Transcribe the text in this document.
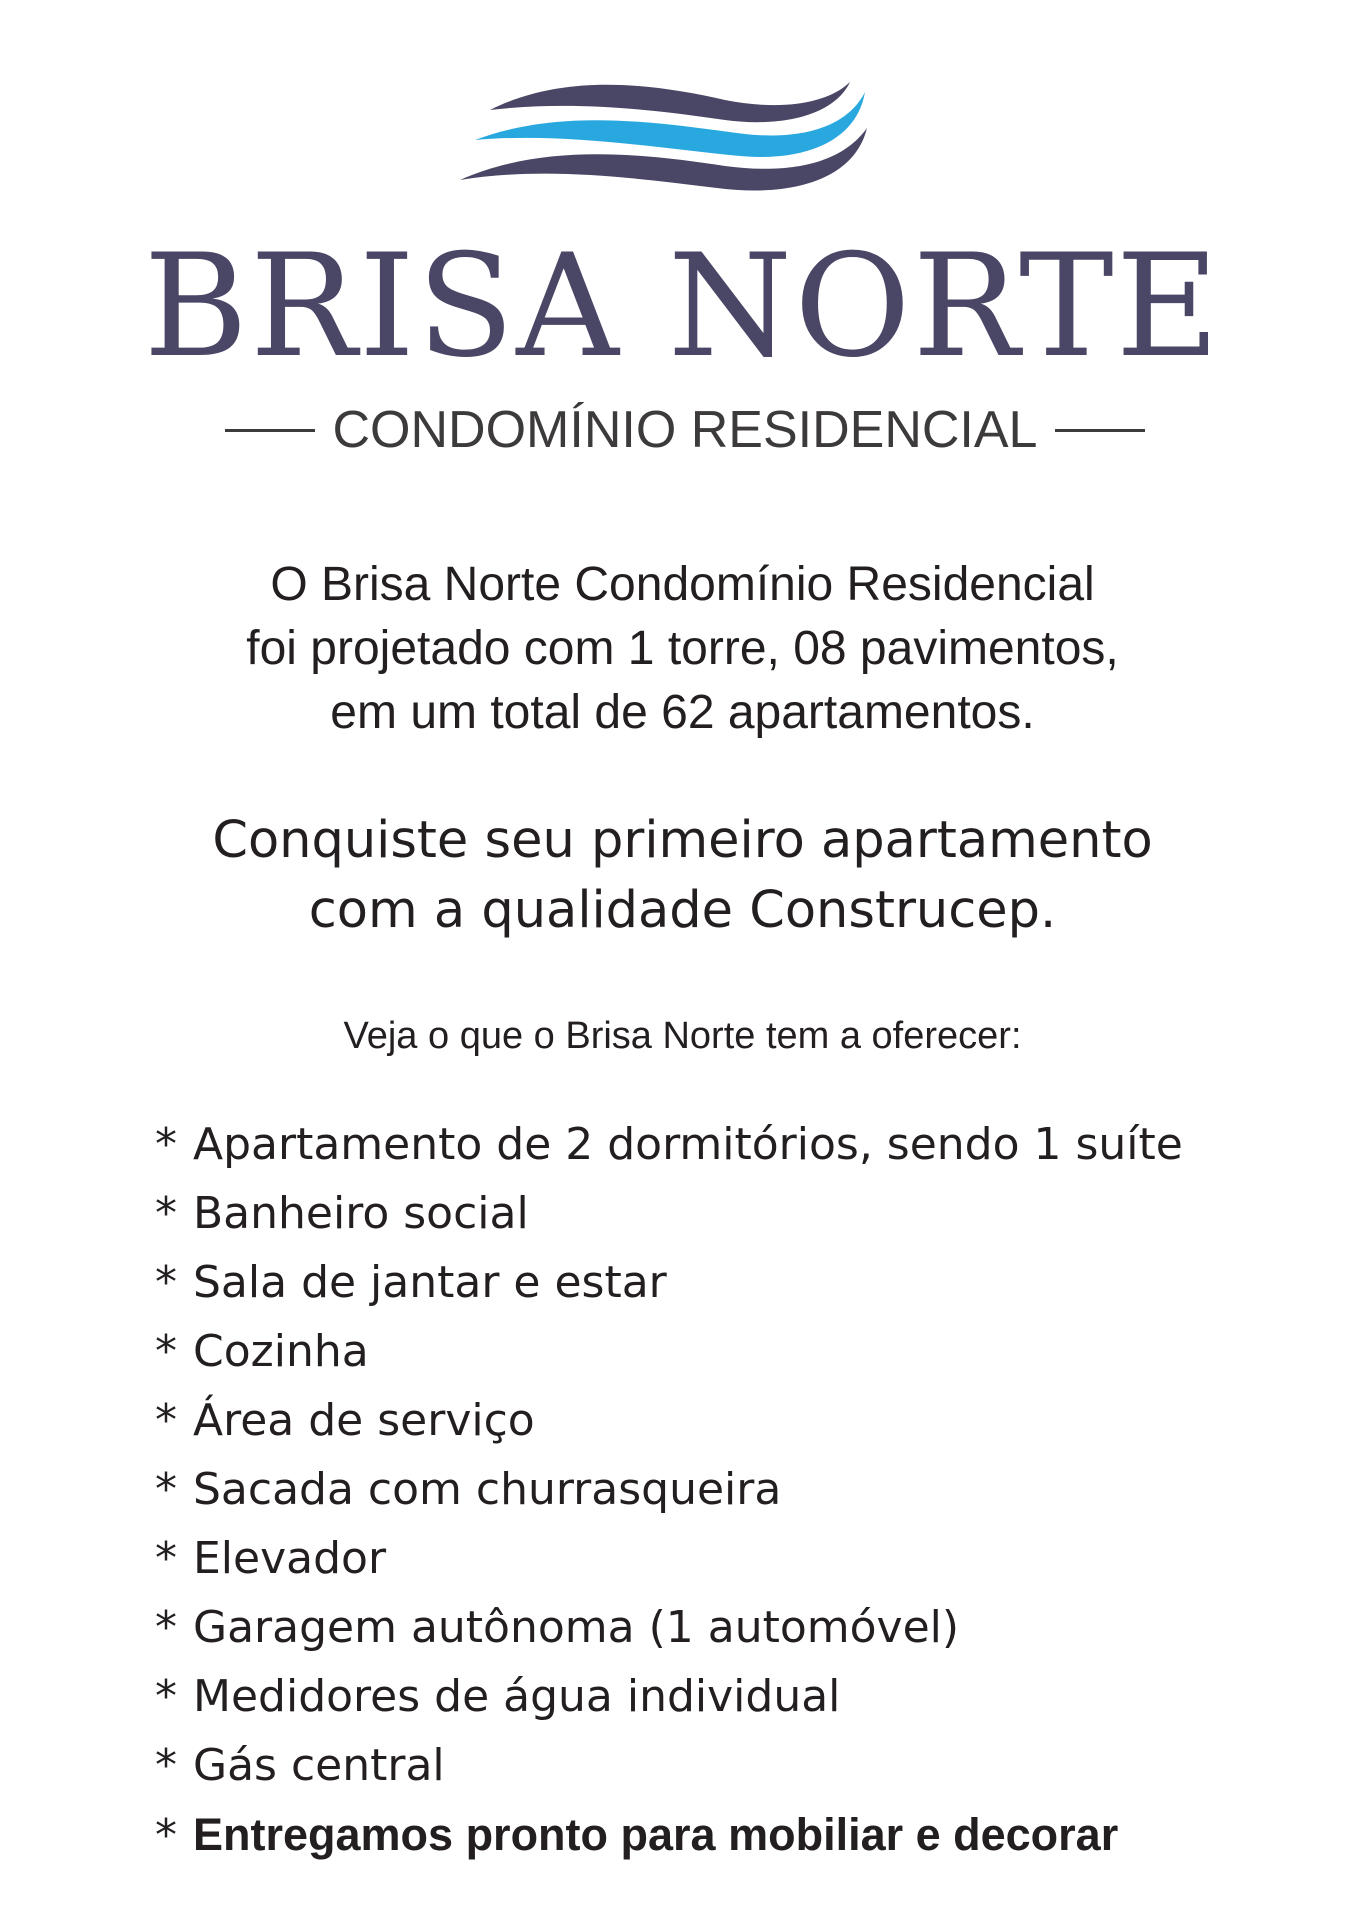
BRISA NORTE
CONDOMÍNIO RESIDENCIAL
O Brisa Norte Condomínio Residencial
foi projetado com 1 torre, 08 pavimentos,
em um total de 62 apartamentos.
Conquiste seu primeiro apartamento
com a qualidade Construcep.
Veja o que o Brisa Norte tem a oferecer:
* Apartamento de 2 dormitórios, sendo 1 suíte
* Banheiro social
* Sala de jantar e estar
* Cozinha
* Área de serviço
* Sacada com churrasqueira
* Elevador
* Garagem autônoma (1 automóvel)
* Medidores de água individual
* Gás central
* Entregamos pronto para mobiliar e decorar
